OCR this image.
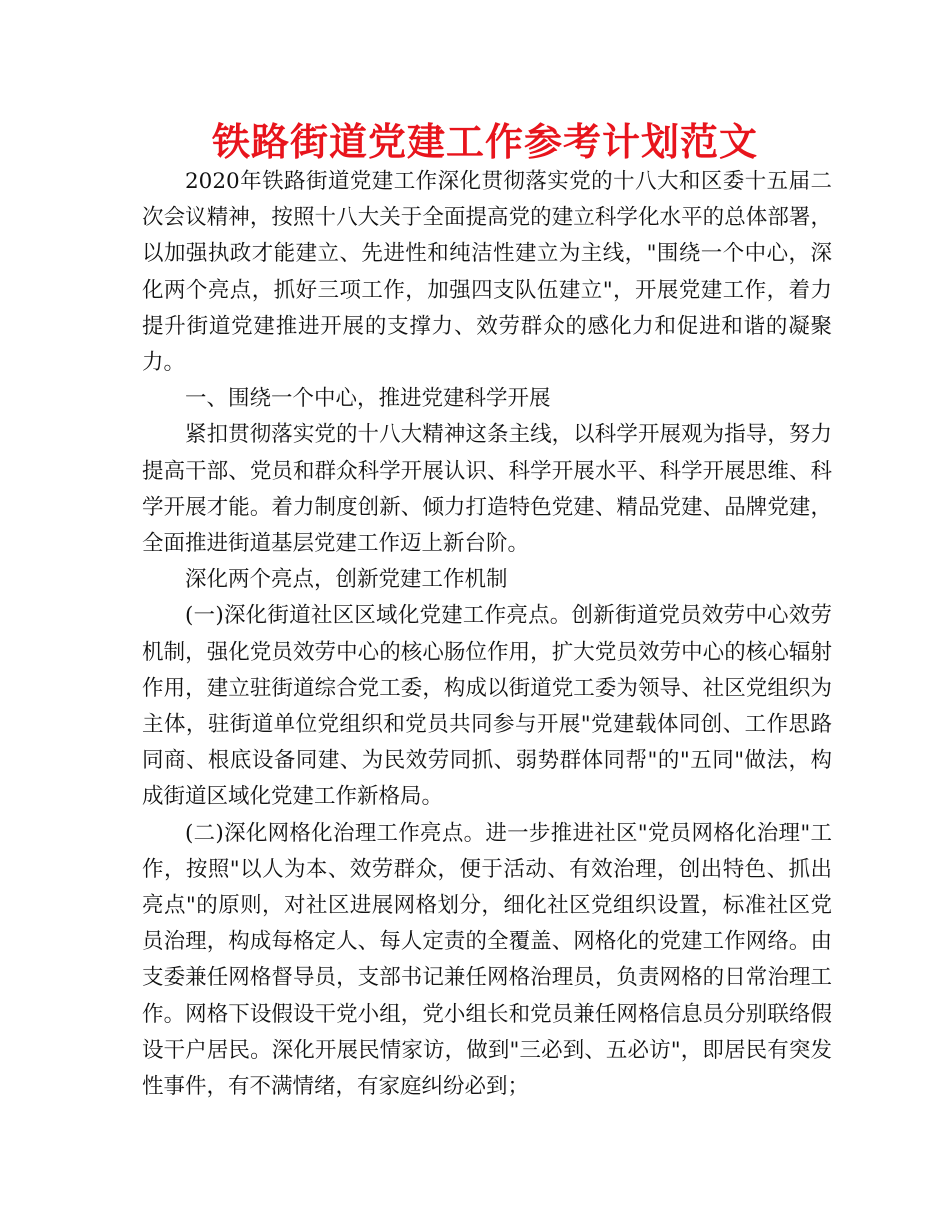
铁路街道党建工作参考计划范文

2020年铁路街道党建工作深化贯彻落实党的十八大和区委十五届二次会议精神，按照十八大关于全面提高党的建立科学化水平的总体部署，以加强执政才能建立、先进性和纯洁性建立为主线，"围绕一个中心，深化两个亮点，抓好三项工作，加强四支队伍建立"，开展党建工作，着力提升街道党建推进开展的支撑力、效劳群众的感化力和促进和谐的凝聚力。

一、围绕一个中心，推进党建科学开展

紧扣贯彻落实党的十八大精神这条主线，以科学开展观为指导，努力提高干部、党员和群众科学开展认识、科学开展水平、科学开展思维、科学开展才能。着力制度创新、倾力打造特色党建、精品党建、品牌党建，全面推进街道基层党建工作迈上新台阶。

深化两个亮点，创新党建工作机制

(一)深化街道社区区域化党建工作亮点。创新街道党员效劳中心效劳机制，强化党员效劳中心的核心肠位作用，扩大党员效劳中心的核心辐射作用，建立驻街道综合党工委，构成以街道党工委为领导、社区党组织为主体，驻街道单位党组织和党员共同参与开展"党建载体同创、工作思路同商、根底设备同建、为民效劳同抓、弱势群体同帮"的"五同"做法，构成街道区域化党建工作新格局。

(二)深化网格化治理工作亮点。进一步推进社区"党员网格化治理"工作，按照"以人为本、效劳群众，便于活动、有效治理，创出特色、抓出亮点"的原则，对社区进展网格划分，细化社区党组织设置，标准社区党员治理，构成每格定人、每人定责的全覆盖、网格化的党建工作网络。由支委兼任网格督导员，支部书记兼任网格治理员，负责网格的日常治理工作。网格下设假设干党小组，党小组长和党员兼任网格信息员分别联络假设干户居民。深化开展民情家访，做到"三必到、五必访"，即居民有突发性事件，有不满情绪，有家庭纠纷必到；
